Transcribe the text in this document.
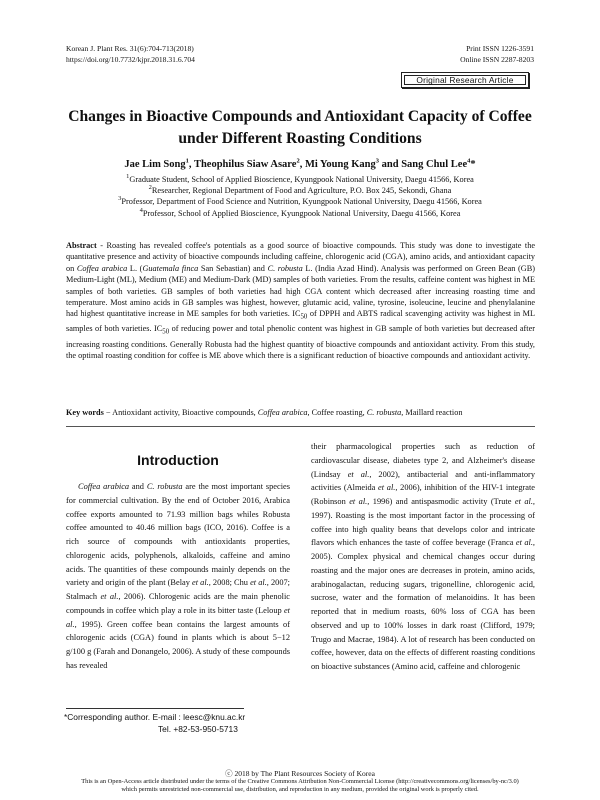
Korean J. Plant Res. 31(6):704-713(2018)
https://doi.org/10.7732/kjpr.2018.31.6.704
Print ISSN 1226-3591
Online ISSN 2287-8203
Original Research Article
Changes in Bioactive Compounds and Antioxidant Capacity of Coffee
under Different Roasting Conditions
Jae Lim Song$^1$, Theophilus Siaw Asare$^2$, Mi Young Kang$^3$ and Sang Chul Lee$^4$*
$^1$Graduate Student, School of Applied Bioscience, Kyungpook National University, Daegu 41566, Korea
$^2$Researcher, Regional Department of Food and Agriculture, P.O. Box 245, Sekondi, Ghana
$^3$Professor, Department of Food Science and Nutrition, Kyungpook National University, Daegu 41566, Korea
$^4$Professor, School of Applied Bioscience, Kyungpook National University, Daegu 41566, Korea
Abstract - Roasting has revealed coffee's potentials as a good source of bioactive compounds. This study was done to investigate the quantitative presence and activity of bioactive compounds including caffeine, chlorogenic acid (CGA), amino acids, and antioxidant capacity on Coffea arabica L. (Guatemala finca San Sebastian) and C. robusta L. (India Azad Hind). Analysis was performed on Green Bean (GB) Medium-Light (ML), Medium (ME) and Medium-Dark (MD) samples of both varieties. From the results, caffeine content was highest in ME samples of both varieties. GB samples of both varieties had high CGA content which decreased after increasing roasting time and temperature. Most amino acids in GB samples was highest, however, glutamic acid, valine, tyrosine, isoleucine, leucine and phenylalanine had highest quantitative increase in ME samples for both varieties. $IC_{50}$ of DPPH and ABTS radical scavenging activity was highest in ML samples of both varieties. $IC_{50}$ of reducing power and total phenolic content was highest in GB sample of both varieties but decreased after increasing roasting conditions. Generally Robusta had the highest quantity of bioactive compounds and antioxidant activity. From this study, the optimal roasting condition for coffee is ME above which there is a significant reduction of bioactive compounds and antioxidant activity.
Key words − Antioxidant activity, Bioactive compounds, Coffea arabica, Coffee roasting, C. robusta, Maillard reaction
Introduction

Coffea arabica and C. robusta are the most important species for commercial cultivation. By the end of October 2016, Arabica coffee exports amounted to 71.93 million bags whiles Robusta coffee amounted to 40.46 million bags (ICO, 2016). Coffee is a rich source of compounds with antioxidants properties, chlorogenic acids, polyphenols, alkaloids, caffeine and amino acids. The quantities of these compounds mainly depends on the variety and origin of the plant (Belay et al., 2008; Chu et al., 2007; Stalmach et al., 2006). Chlorogenic acids are the main phenolic compounds in coffee which play a role in its bitter taste (Leloup et al., 1995). Green coffee bean contains the largest amounts of chlorogenic acids (CGA) found in plants which is about 5−12 g/100 g (Farah and Donangelo, 2006). A study of these compounds has revealed

their pharmacological properties such as reduction of cardiovascular disease, diabetes type 2, and Alzheimer's disease (Lindsay et al., 2002), antibacterial and anti-inflammatory activities (Almeida et al., 2006), inhibition of the HIV-1 integrate (Robinson et al., 1996) and antispasmodic activity (Trute et al., 1997). Roasting is the most important factor in the processing of coffee into high quality beans that develops color and intricate flavors which enhances the taste of coffee beverage (Franca et al., 2005). Complex physical and chemical changes occur during roasting and the major ones are decreases in protein, amino acids, arabinogalactan, reducing sugars, trigonelline, chlorogenic acid, sucrose, water and the formation of melanoidins. It has been reported that in medium roasts, 60% loss of CGA has been observed and up to 100% losses in dark roast (Clifford, 1979; Trugo and Macrae, 1984). A lot of research has been conducted on coffee, however, data on the effects of different roasting conditions on bioactive substances (Amino acid, caffeine and chlorogenic

*Corresponding author. E-mail : leesc@knu.ac.kr
Tel. +82-53-950-5713
ⓒ 2018 by The Plant Resources Society of Korea
This is an Open-Access article distributed under the terms of the Creative Commons Attribution Non-Commercial License (http://creativecommons.org/licenses/by-nc/3.0)
which permits unrestricted non-commercial use, distribution, and reproduction in any medium, provided the original work is properly cited.
